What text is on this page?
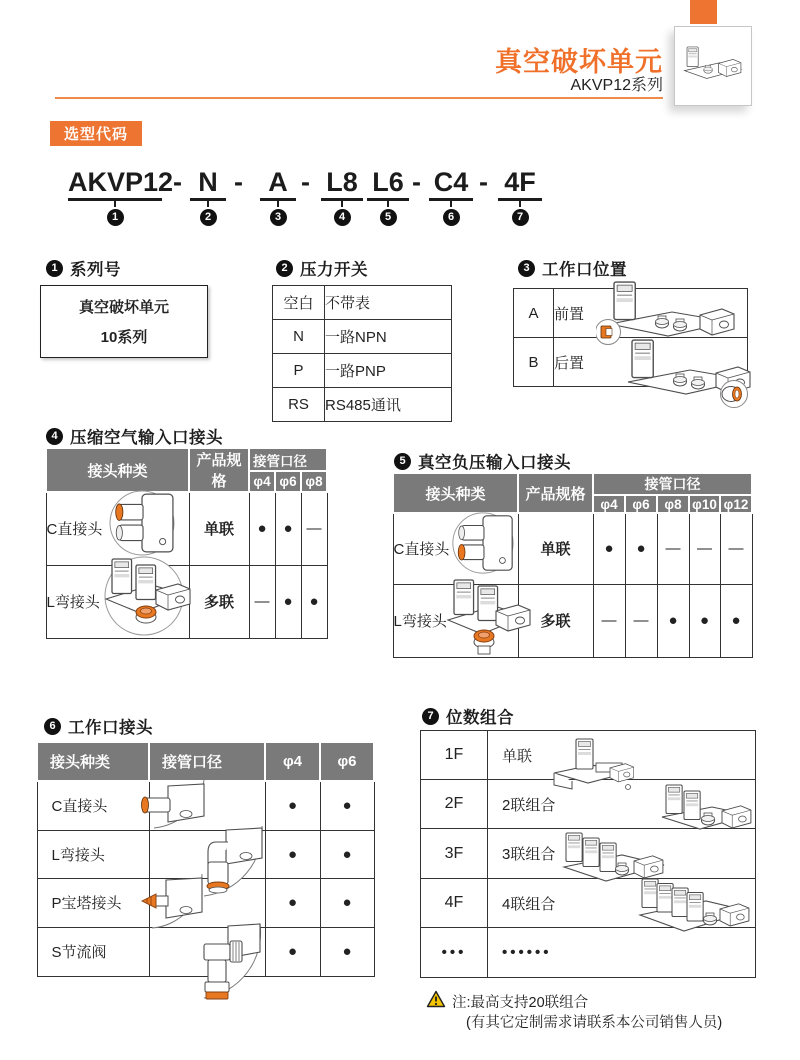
真空破坏单元
AKVP12系列
选型代码
AKVP12
1
- N
2
- A
3
- L8
4
L6
5
- C4
6
- 4F
7
1 系列号
真空破坏单元
10系列
2 压力开关
空白	不带表
N	一路NPN
P	一路PNP
RS	RS485通讯
3 工作口位置
A	前置
B	后置
4 压缩空气输入口接头
接头种类	产品规格	接管口径		
		φ4	φ6	φ8
C直接头	单联	●	●	—
L弯接头	多联	—	●	●
5 真空负压输入口接头
接头种类	产品规格	接管口径				
		φ4	φ6	φ8	φ10	φ12
C直接头	单联	●	●	—	—	—
L弯接头	多联	—	—	●	●	●
6 工作口接头
接头种类	接管口径	φ4	φ6
C直接头		●	●
L弯接头		●	●
P宝塔接头		●	●
S节流阀		●	●
7 位数组合
1F	单联
2F	2联组合
3F	3联组合
4F	4联组合
•••	••••••
注:最高支持20联组合
(有其它定制需求请联系本公司销售人员)
